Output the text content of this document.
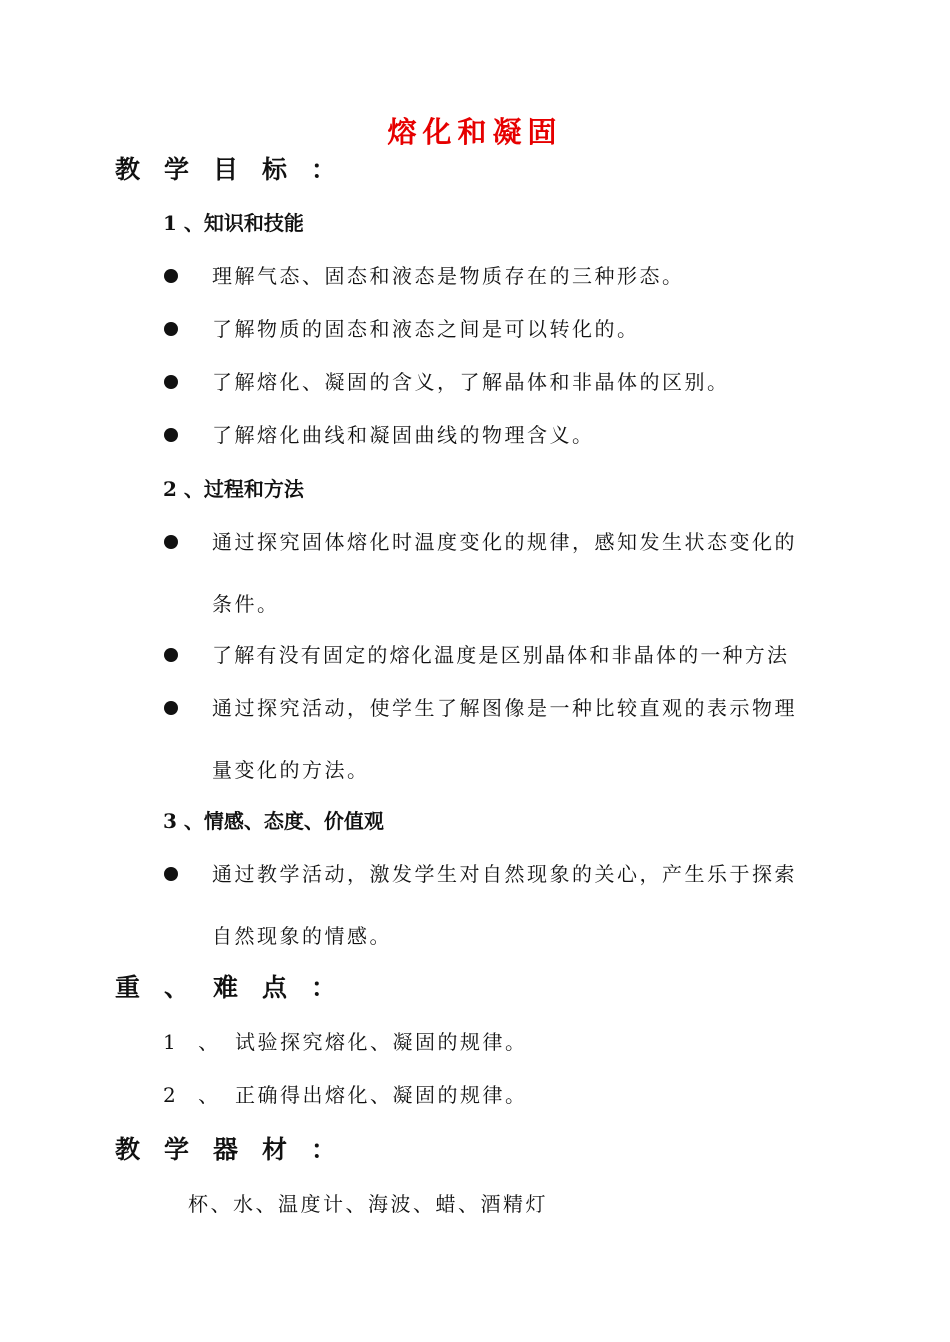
熔化和凝固
教 学 目 标 ：
1 、知识和技能

理解气态、固态和液态是物质存在的三种形态。

了解物质的固态和液态之间是可以转化的。

了解熔化、凝固的含义，了解晶体和非晶体的区别。

了解熔化曲线和凝固曲线的物理含义。

2 、过程和方法

通过探究固体熔化时温度变化的规律，感知发生状态变化的

条件。

了解有没有固定的熔化温度是区别晶体和非晶体的一种方法

通过探究活动，使学生了解图像是一种比较直观的表示物理

量变化的方法。

3 、情感、态度、价值观

通过教学活动，激发学生对自然现象的关心，产生乐于探索

自然现象的情感。

重 、 难 点 ：
1 、 试验探究熔化、凝固的规律。
2 、 正确得出熔化、凝固的规律。
教 学 器 材 ：

杯、水、温度计、海波、蜡、酒精灯
